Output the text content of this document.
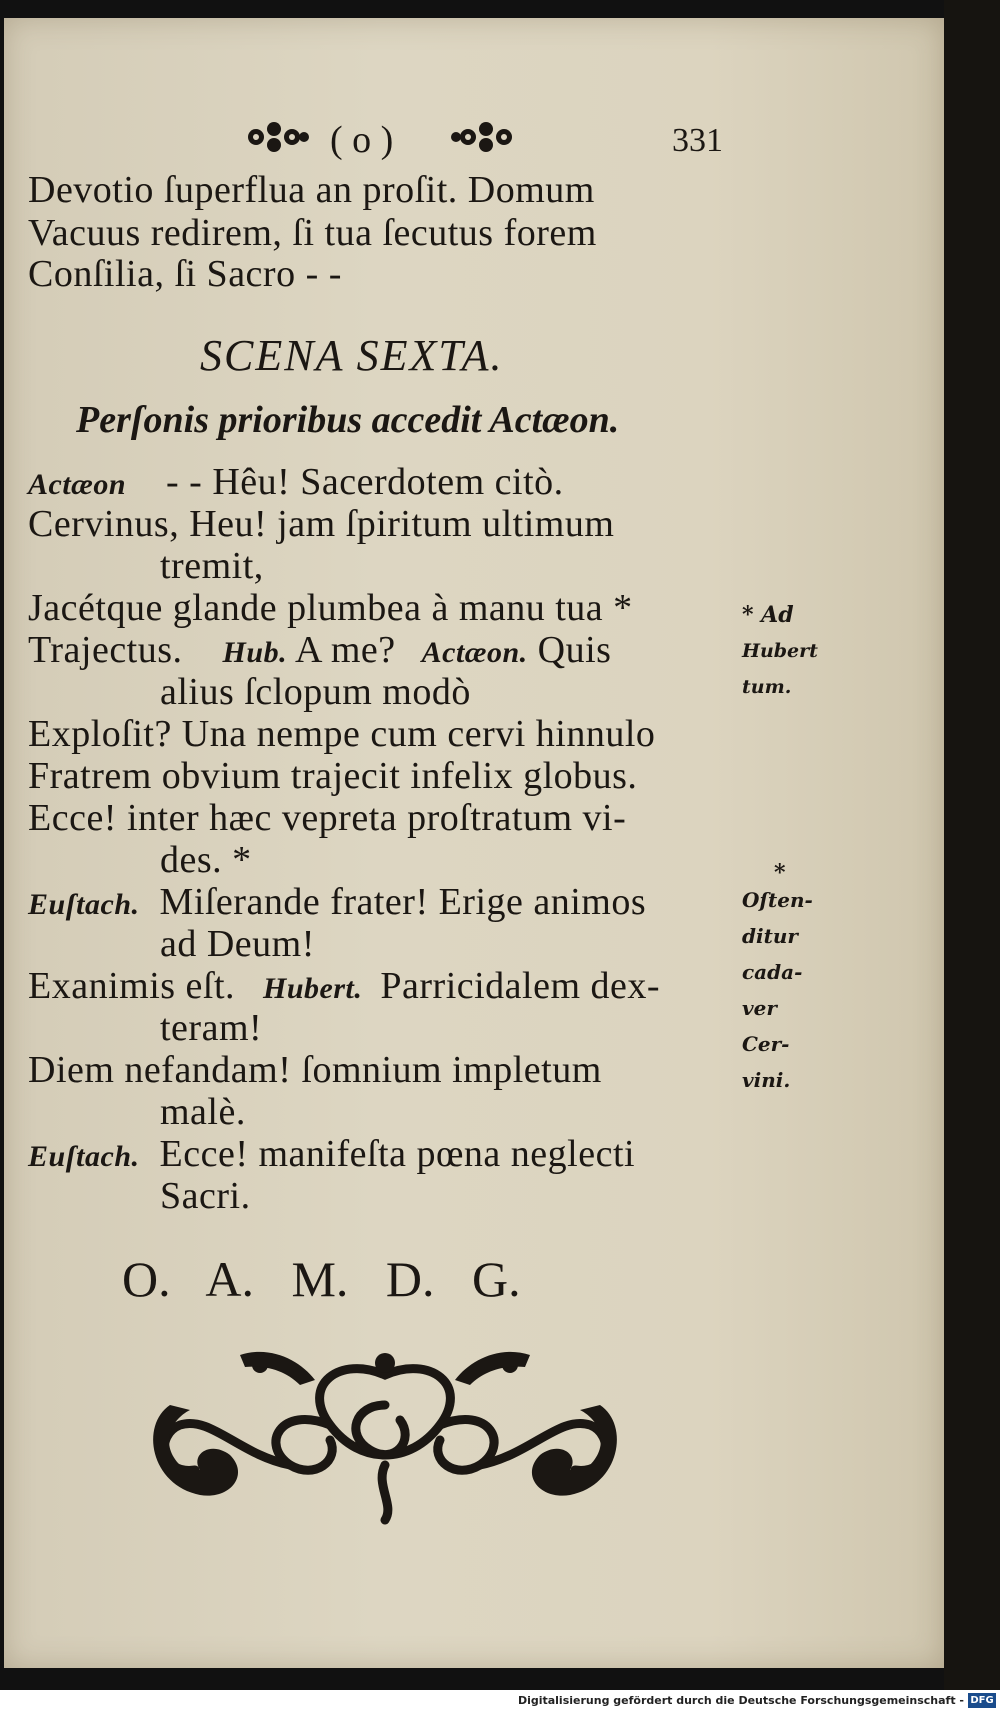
( o )	331
Devotio ſuperflua an proſit. Domum
Vacuus redirem, ſi tua ſecutus forem
Conſilia, ſi Sacro - -
SCENA SEXTA.
Perſonis prioribus accedit Actæon.
Actæon - - Hêu! Sacerdotem citò.
Cervinus, Heu! jam ſpiritum ultimum
tremit,
Jacétque glande plumbea à manu tua *
Trajectus. Hub. A me? Actæon. Quis
alius ſclopum modò
Exploſit? Una nempe cum cervi hinnulo
Fratrem obvium trajecit infelix globus.
Ecce! inter hæc vepreta proſtratum vi-
des. *
Euſtach. Miſerande frater! Erige animos
ad Deum!
Exanimis eſt. Hubert. Parricidalem dex-
teram!
Diem nefandam! ſomnium impletum
malè.
Euſtach. Ecce! manifeſta pœna neglecti
Sacri.
* Ad
Hubert
tum.
*
Oſten-
ditur
cada-
ver
Cer-
vini.
O.   A.   M.   D.   G.
Digitalisierung gefördert durch die Deutsche Forschungsgemeinschaft - DFG
